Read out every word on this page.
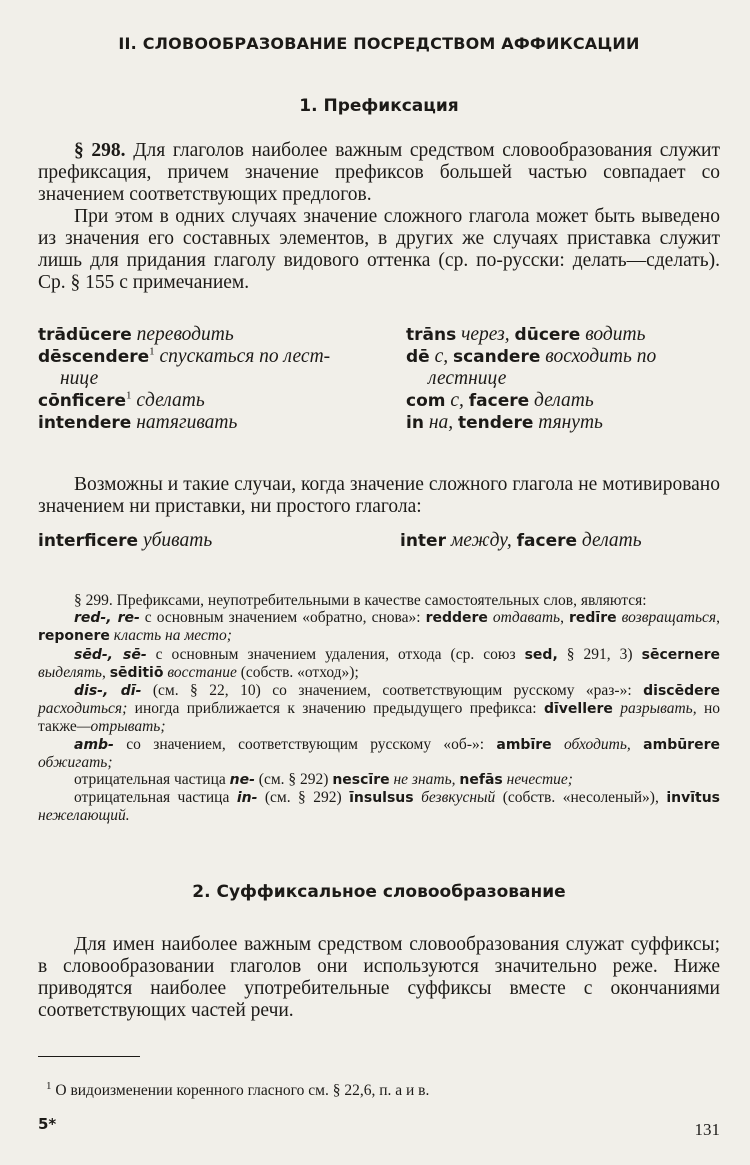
II. СЛОВООБРАЗОВАНИЕ ПОСРЕДСТВОМ АФФИКСАЦИИ
1. Префиксация

§ 298. Для глаголов наиболее важным средством словообразования служит префиксация, причем значение префиксов большей частью совпадает со значением соответствующих предлогов.

При этом в одних случаях значение сложного глагола может быть выведено из значения его составных элементов, в других же случаях приставка служит лишь для придания глаголу видового оттенка (ср. по-русски: делать—сделать). Ср. § 155 с примечанием.

trādūcere переводить
dēscendere$^1$ спускаться по лест-
нице
cōnficere$^1$ сделать
intendere натягивать
trāns через, dūcere водить
dē с, scandere восходить по
лестнице
com с, facere делать
in на, tendere тянуть

Возможны и такие случаи, когда значение сложного глагола не мотивировано значением ни приставки, ни простого глагола:

interficere убивать	inter между, facere делать

§ 299. Префиксами, неупотребительными в качестве самостоятельных слов, являются:

red-, re- с основным значением «обратно, снова»: reddere отдавать, redīre возвращаться, reponere класть на место;

sēd-, sē- с основным значением удаления, отхода (ср. союз sed, § 291, 3) sēcernere выделять, sēditiō восстание (собств. «отход»);

dis-, dī- (см. § 22, 10) со значением, соответствующим русскому «раз-»: discēdere расходиться; иногда приближается к значению предыдущего префикса: dīvellere разрывать, но также—отрывать;

amb- со значением, соответствующим русскому «об-»: ambīre обходить, ambūrere обжигать;

отрицательная частица ne- (см. § 292) nescīre не знать, nefās нечестие;

отрицательная частица in- (см. § 292) īnsulsus безвкусный (собств. «несоленый»), invītus нежелающий.

2. Суффиксальное словообразование

Для имен наиболее важным средством словообразования служат суффиксы; в словообразовании глаголов они используются значительно реже. Ниже приводятся наиболее употребительные суффиксы вместе с окончаниями соответствующих частей речи.

$^1$ О видоизменении коренного гласного см. § 22,6, п. а и в.
5*	131
